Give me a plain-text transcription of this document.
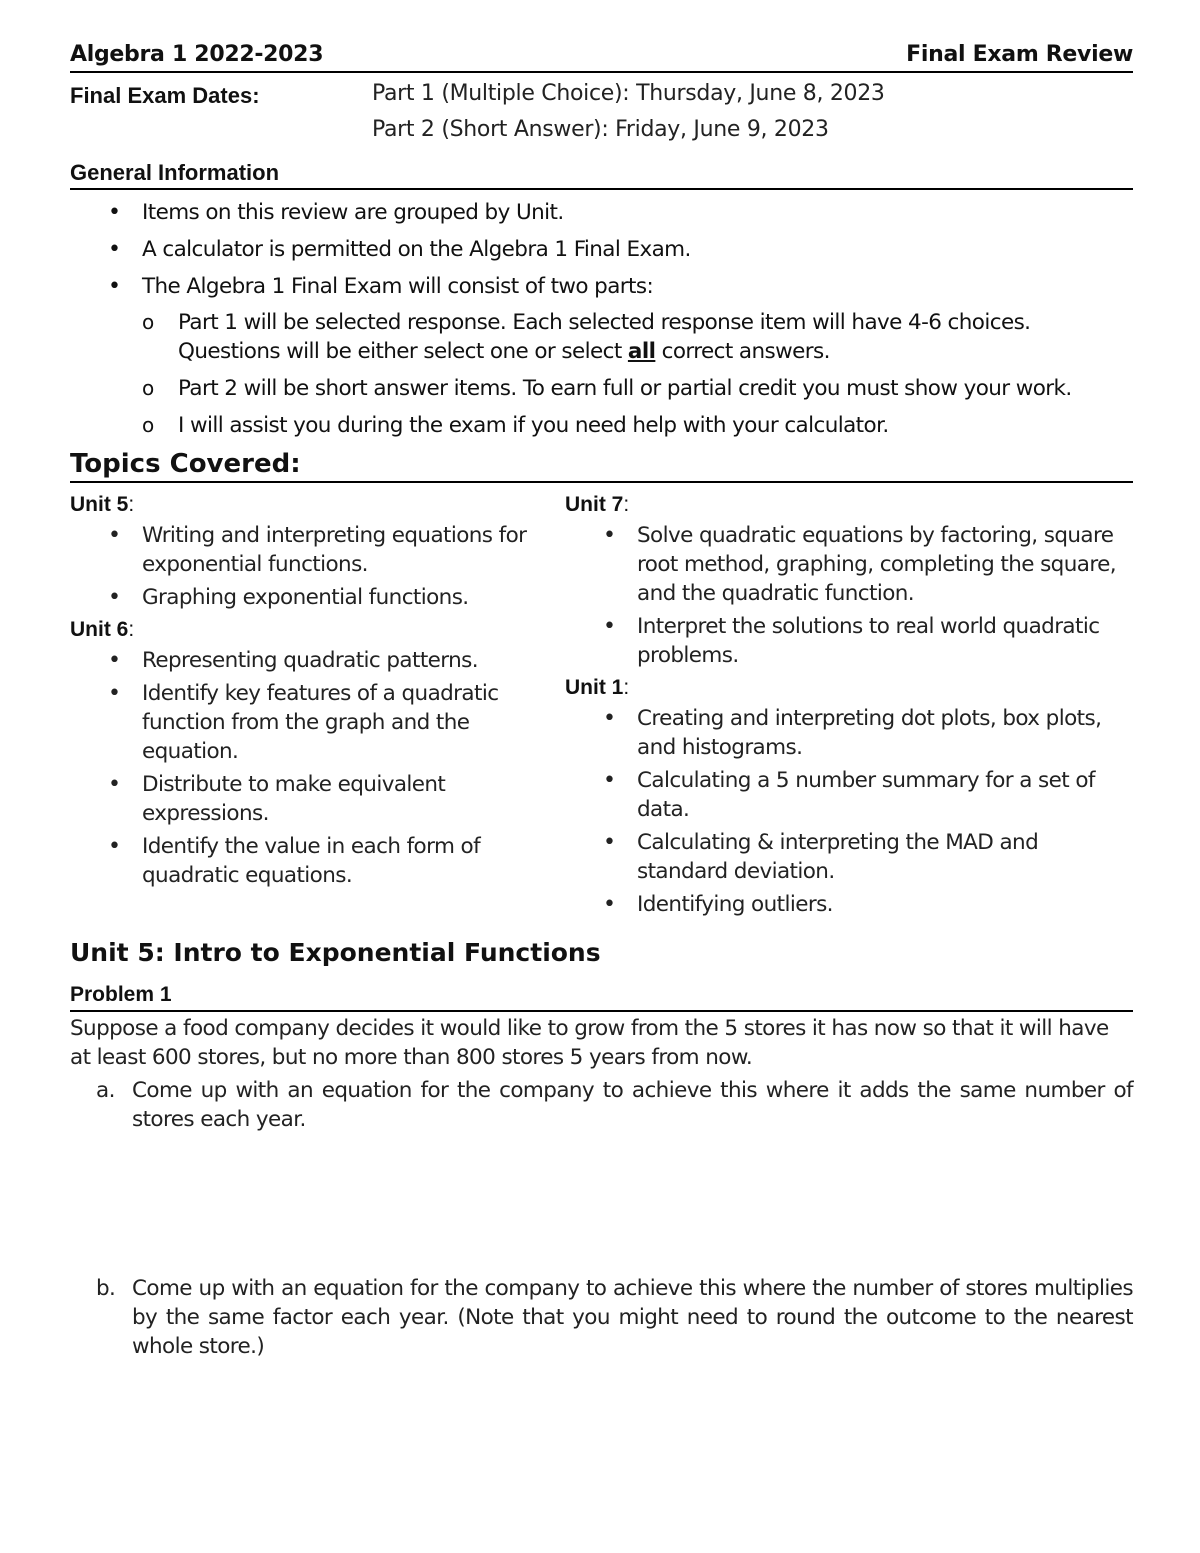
Algebra 1 2022-2023	Final Exam Review
Final Exam Dates:	Part 1 (Multiple Choice): Thursday, June 8, 2023
Part 2 (Short Answer): Friday, June 9, 2023
General Information
• Items on this review are grouped by Unit.
• A calculator is permitted on the Algebra 1 Final Exam.
• The Algebra 1 Final Exam will consist of two parts:
o Part 1 will be selected response. Each selected response item will have 4-6 choices. Questions will be either select one or select all correct answers.
o Part 2 will be short answer items. To earn full or partial credit you must show your work.
o I will assist you during the exam if you need help with your calculator.
Topics Covered:
Unit 5:
• Writing and interpreting equations for exponential functions.
• Graphing exponential functions.
Unit 6:
• Representing quadratic patterns.
• Identify key features of a quadratic function from the graph and the equation.
• Distribute to make equivalent expressions.
• Identify the value in each form of quadratic equations.
Unit 7:
• Solve quadratic equations by factoring, square root method, graphing, completing the square, and the quadratic function.
• Interpret the solutions to real world quadratic problems.
Unit 1:
• Creating and interpreting dot plots, box plots, and histograms.
• Calculating a 5 number summary for a set of data.
• Calculating & interpreting the MAD and standard deviation.
• Identifying outliers.
Unit 5: Intro to Exponential Functions
Problem 1
Suppose a food company decides it would like to grow from the 5 stores it has now so that it will have at least 600 stores, but no more than 800 stores 5 years from now.
a. Come up with an equation for the company to achieve this where it adds the same number of stores each year.
b. Come up with an equation for the company to achieve this where the number of stores multiplies by the same factor each year. (Note that you might need to round the outcome to the nearest whole store.)
